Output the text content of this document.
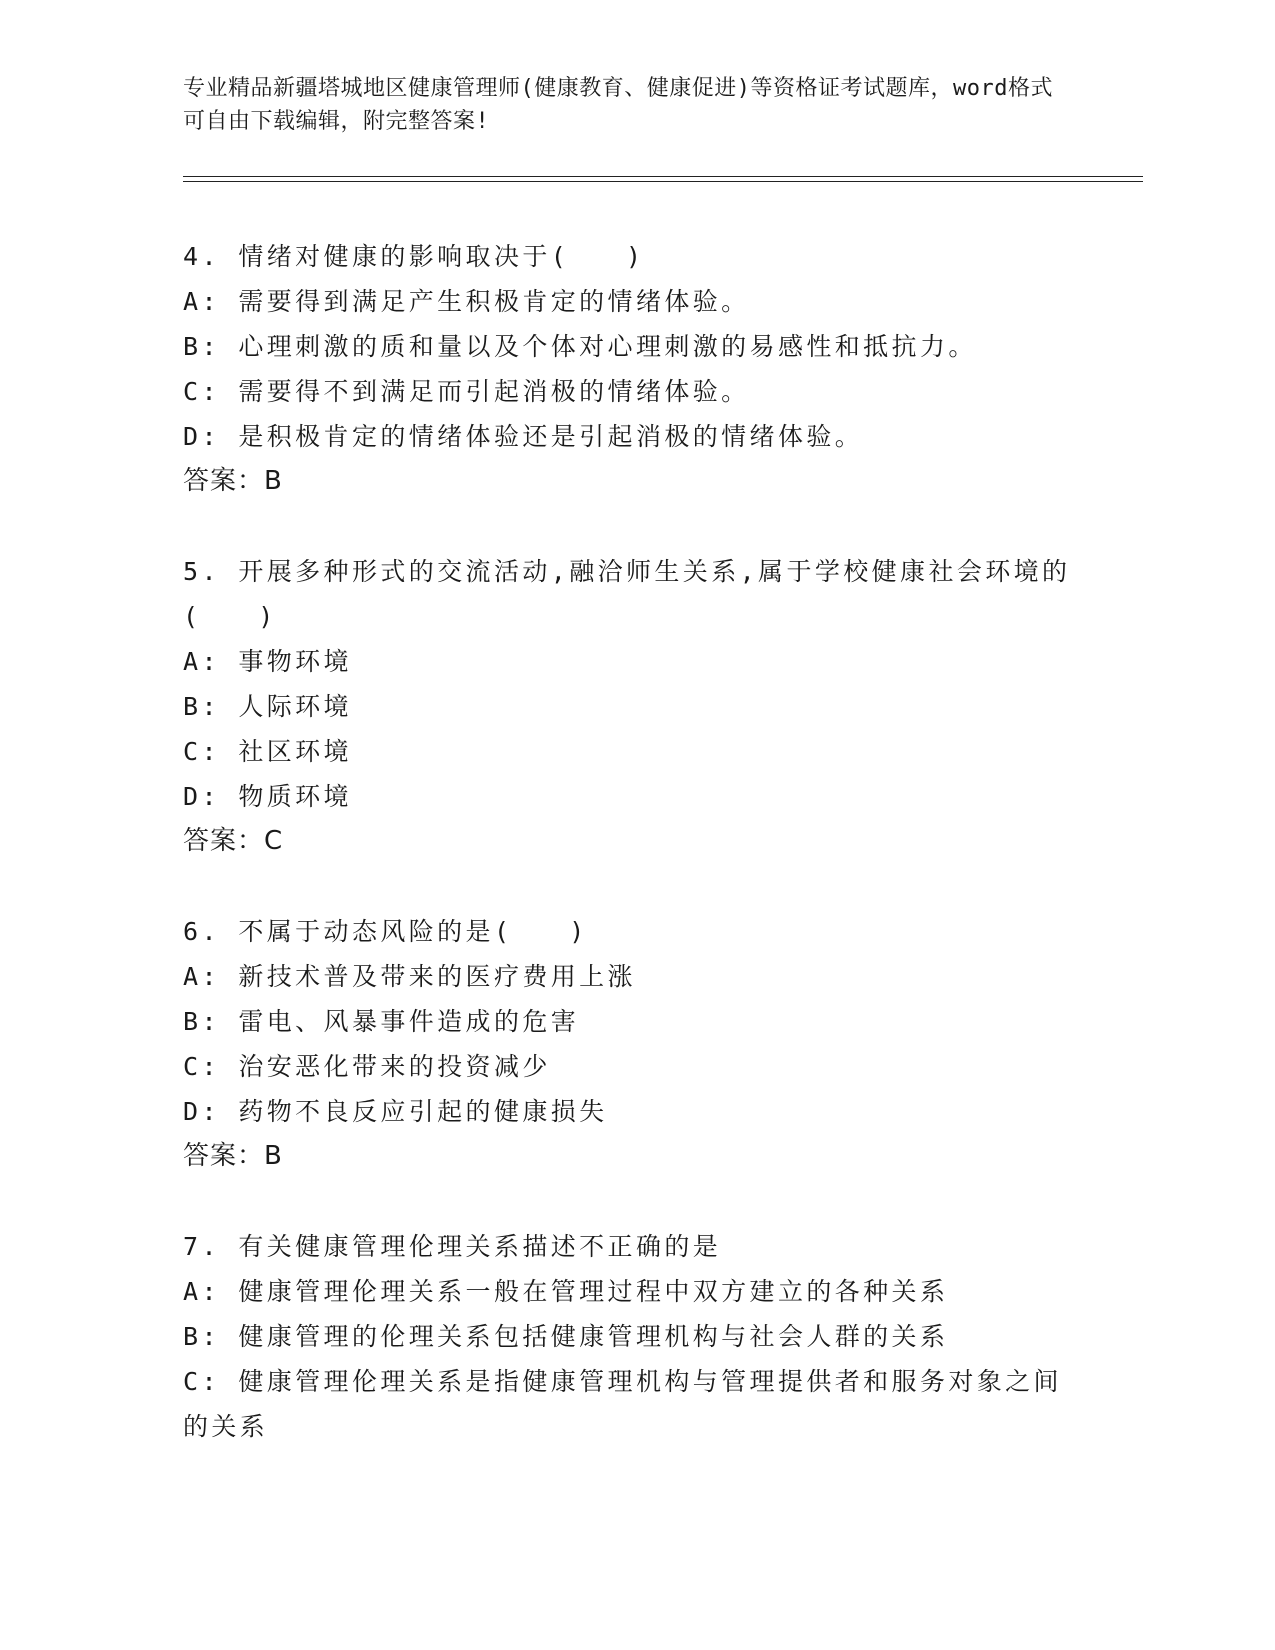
专业精品新疆塔城地区健康管理师(健康教育、健康促进)等资格证考试题库，word格式可自由下载编辑，附完整答案!
4. 情绪对健康的影响取决于(　　)
A: 需要得到满足产生积极肯定的情绪体验。
B: 心理刺激的质和量以及个体对心理刺激的易感性和抵抗力。
C: 需要得不到满足而引起消极的情绪体验。
D: 是积极肯定的情绪体验还是引起消极的情绪体验。
答案：B
5. 开展多种形式的交流活动,融洽师生关系,属于学校健康社会环境的(　　)
A: 事物环境
B: 人际环境
C: 社区环境
D: 物质环境
答案：C
6. 不属于动态风险的是(　　)
A: 新技术普及带来的医疗费用上涨
B: 雷电、风暴事件造成的危害
C: 治安恶化带来的投资减少
D: 药物不良反应引起的健康损失
答案：B
7. 有关健康管理伦理关系描述不正确的是
A: 健康管理伦理关系一般在管理过程中双方建立的各种关系
B: 健康管理的伦理关系包括健康管理机构与社会人群的关系
C: 健康管理伦理关系是指健康管理机构与管理提供者和服务对象之间的关系
